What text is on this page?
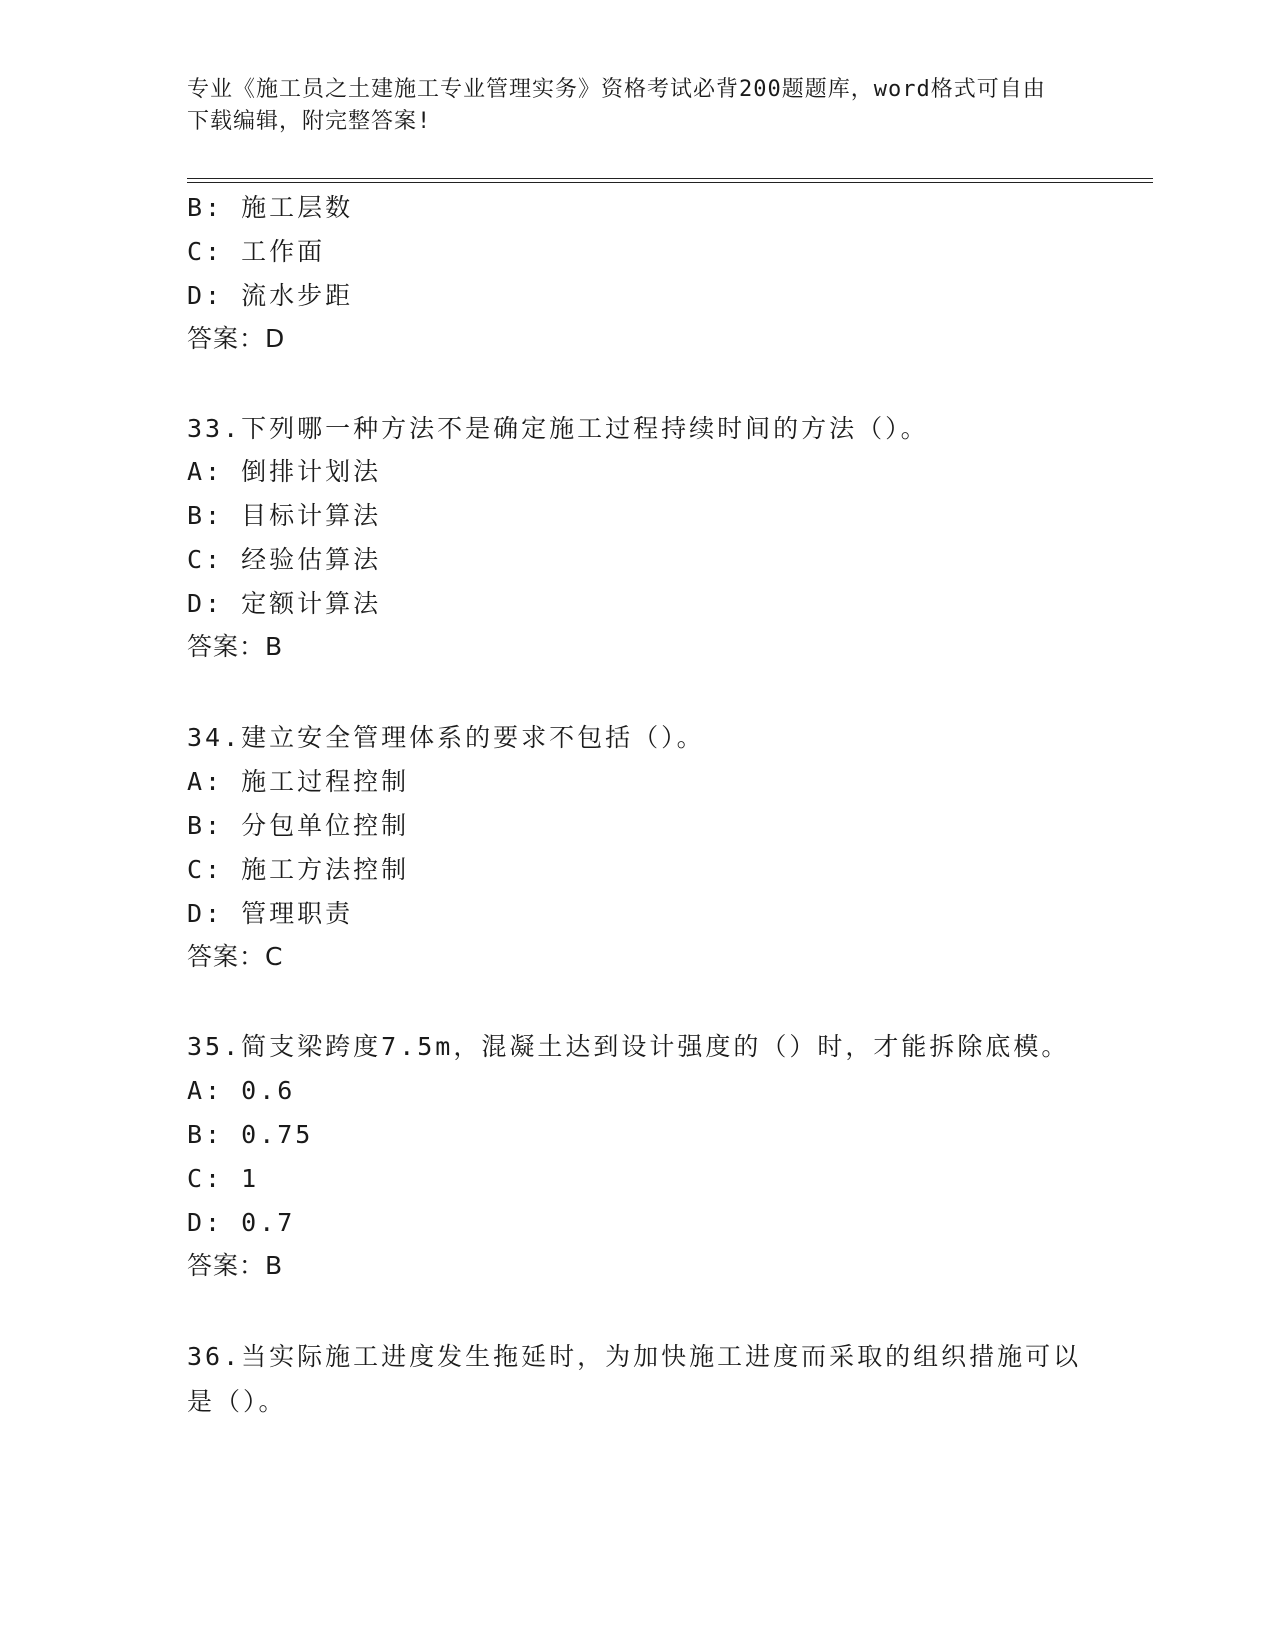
专业《施工员之土建施工专业管理实务》资格考试必背200题题库，word格式可自由下载编辑，附完整答案!
B: 施工层数
C: 工作面
D: 流水步距
答案：D
33.下列哪一种方法不是确定施工过程持续时间的方法（）。
A: 倒排计划法
B: 目标计算法
C: 经验估算法
D: 定额计算法
答案：B
34.建立安全管理体系的要求不包括（）。
A: 施工过程控制
B: 分包单位控制
C: 施工方法控制
D: 管理职责
答案：C
35.简支梁跨度7.5m，混凝土达到设计强度的（）时，才能拆除底模。
A: 0.6
B: 0.75
C: 1
D: 0.7
答案：B
36.当实际施工进度发生拖延时，为加快施工进度而采取的组织措施可以是（）。
